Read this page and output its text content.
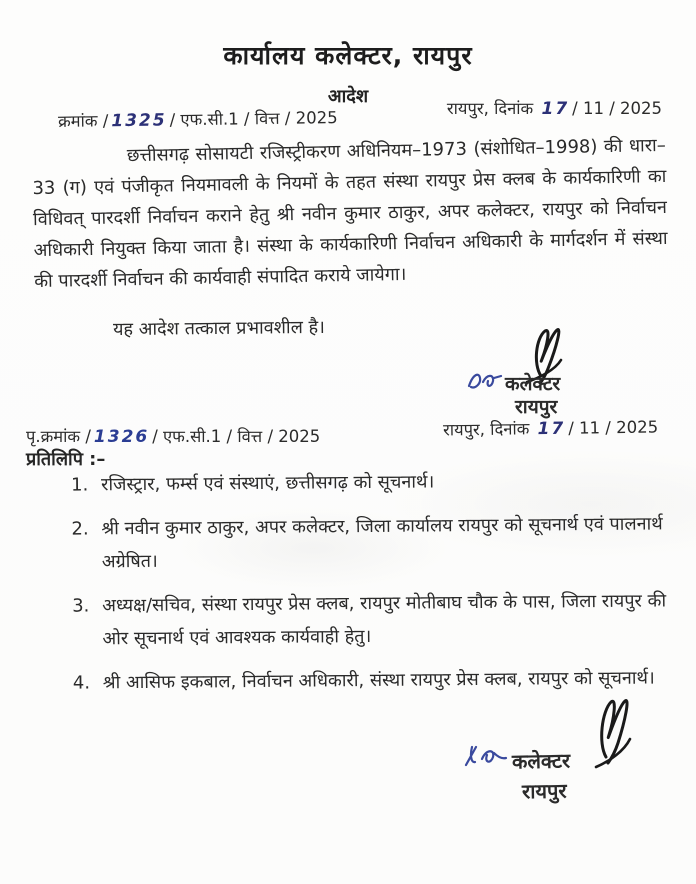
कार्यालय कलेक्टर, रायपुर
आदेश
क्रमांक / 1325 / एफ.सी.1 / वित्त / 2025	रायपुर, दिनांक 17 / 11 / 2025
छत्तीसगढ़ सोसायटी रजिस्ट्रीकरण अधिनियम–1973 (संशोधित–1998) की धारा–33 (ग) एवं पंजीकृत नियमावली के नियमों के तहत संस्था रायपुर प्रेस क्लब के कार्यकारिणी का विधिवत् पारदर्शी निर्वाचन कराने हेतु श्री नवीन कुमार ठाकुर, अपर कलेक्टर, रायपुर को निर्वाचन अधिकारी नियुक्त किया जाता है। संस्था के कार्यकारिणी निर्वाचन अधिकारी के मार्गदर्शन में संस्था की पारदर्शी निर्वाचन की कार्यवाही संपादित कराये जायेगा।
यह आदेश तत्काल प्रभावशील है।
कलेक्टर
रायपुर
पृ.क्रमांक / 1326 / एफ.सी.1 / वित्त / 2025	रायपुर, दिनांक 17 / 11 / 2025
प्रतिलिपि :–
1. रजिस्ट्रार, फर्म्स एवं संस्थाएं, छत्तीसगढ़ को सूचनार्थ।
2. श्री नवीन कुमार ठाकुर, अपर कलेक्टर, जिला कार्यालय रायपुर को सूचनार्थ एवं पालनार्थ अग्रेषित।
3. अध्यक्ष/सचिव, संस्था रायपुर प्रेस क्लब, रायपुर मोतीबाघ चौक के पास, जिला रायपुर की ओर सूचनार्थ एवं आवश्यक कार्यवाही हेतु।
4. श्री आसिफ इकबाल, निर्वाचन अधिकारी, संस्था रायपुर प्रेस क्लब, रायपुर को सूचनार्थ।
कलेक्टर
रायपुर
